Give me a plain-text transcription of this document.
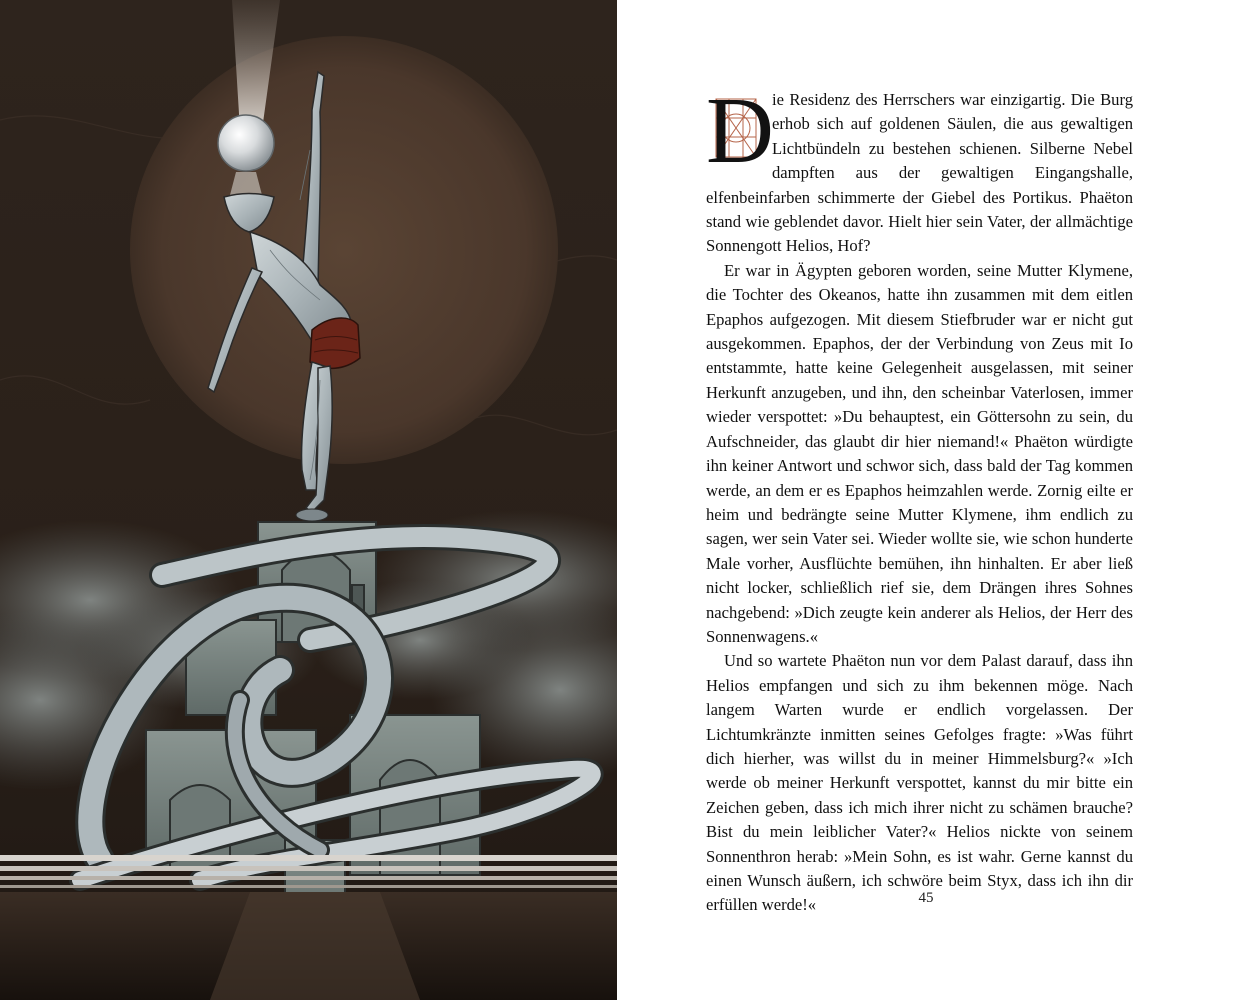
D

ie Residenz des Herrschers war einzigartig. Die Burg erhob sich auf goldenen Säulen, die aus gewaltigen Lichtbündeln zu bestehen schienen. Silberne Nebel dampften aus der gewaltigen Eingangshalle, elfenbeinfarben schimmerte der Giebel des Portikus. Phaëton stand wie geblendet davor. Hielt hier sein Vater, der allmächtige Sonnengott Helios, Hof?

Er war in Ägypten geboren worden, seine Mutter Klymene, die Tochter des Okeanos, hatte ihn zusammen mit dem eitlen Epaphos aufgezogen. Mit diesem Stiefbruder war er nicht gut ausgekommen. Epaphos, der der Verbindung von Zeus mit Io entstammte, hatte keine Gelegenheit ausgelassen, mit seiner Herkunft anzugeben, und ihn, den scheinbar Vaterlosen, immer wieder verspottet: »Du behauptest, ein Göttersohn zu sein, du Aufschneider, das glaubt dir hier niemand!« Phaëton würdigte ihn keiner Antwort und schwor sich, dass bald der Tag kommen werde, an dem er es Epaphos heimzahlen werde. Zornig eilte er heim und bedrängte seine Mutter Klymene, ihm endlich zu sagen, wer sein Vater sei. Wieder wollte sie, wie schon hunderte Male vorher, Ausflüchte bemühen, ihn hinhalten. Er aber ließ nicht locker, schließlich rief sie, dem Drängen ihres Sohnes nachgebend: »Dich zeugte kein anderer als Helios, der Herr des Sonnenwagens.«

Und so wartete Phaëton nun vor dem Palast darauf, dass ihn Helios empfangen und sich zu ihm bekennen möge. Nach langem Warten wurde er endlich vorgelassen. Der Lichtumkränzte inmitten seines Gefolges fragte: »Was führt dich hierher, was willst du in meiner Himmelsburg?« »Ich werde ob meiner Herkunft verspottet, kannst du mir bitte ein Zeichen geben, dass ich mich ihrer nicht zu schämen brauche? Bist du mein leiblicher Vater?« Helios nickte von seinem Sonnenthron herab: »Mein Sohn, es ist wahr. Gerne kannst du einen Wunsch äußern, ich schwöre beim Styx, dass ich ihn dir erfüllen werde!«	45
